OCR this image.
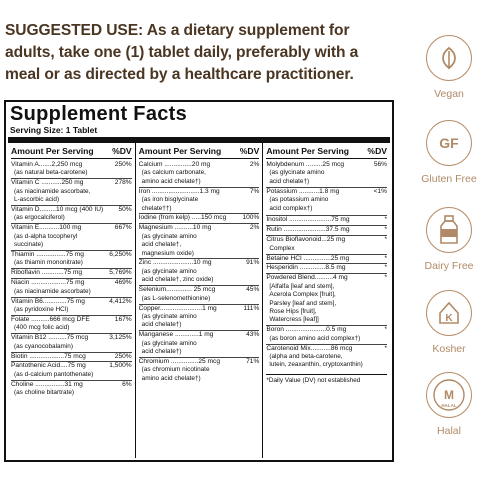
SUGGESTED USE: As a dietary supplement for adults, take one (1) tablet daily, preferably with a meal or as directed by a healthcare practitioner.
Supplement Facts
Serving Size: 1 Tablet
Amount Per Serving %DV
Vitamin A.......2,250 mcg	250%
(as natural beta-carotene)
Vitamin C ...........250 mg	278%
(as niacinamide ascorbate,
L-ascorbic acid)
Vitamin D.........10 mcg (400 IU)	50%
(as ergocalciferol)
Vitamin E...........100 mg	667%
(as d-alpha tocopheryl
succinate)
Thiamin ................75 mg	6,250%
(as thiamin mononitrate)
Riboflavin ............75 mg	5,769%
Niacin ...................75 mg	469%
(as niacinamide ascorbate)
Vitamin B6.............75 mg	4,412%
(as pyridoxine HCl)
Folate ..........666 mcg DFE	167%
(400 mcg folic acid)
Vitamin B12 ..........75 mcg	3,125%
(as cyanocobalamin)
Biotin ...................75 mcg	250%
Pantothenic Acid....75 mg	1,500%
(as d-calcium pantothenate)
Choline ................31 mg	6%
(as choline bitartrate)
Amount Per Serving %DV
Calcium ...............20 mg	2%
(as calcium carbonate,
amino acid chelate†)
Iron ..........................1.3 mg	7%
(as iron bisglycinate
chelate††)
Iodine (from kelp) .....150 mcg	100%
Magnesium ..........10 mg	2%
(as glycinate amino
acid chelate†,
magnesium oxide)
Zinc ......................10 mg	91%
(as glycinate amino
acid chelate†, zinc oxide)
Selenium.............. 25 mcg	45%
(as L-selenomethionine)
Copper.......................1 mg	111%
(as glycinate amino
acid chelate†)
Manganese .............1 mg	43%
(as glycinate amino
acid chelate†)
Chromium ...............25 mcg	71%
(as chromium nicotinate
amino acid chelate†)
Amount Per Serving %DV
Molybdenum .........25 mcg	56%
(as glycinate amino
acid chelate†)
Potassium ...........1.8 mg	<1%
(as potassium amino
acid complex†)
Inositol .......................75 mg	*
Rutin .......................37.5 mg	*
Citrus Bioflavonoid...25 mg	*
Complex
Betaine HCl ...............25 mg	*
Hesperidin ..............8.5 mg	*
Powdered Blend..........4 mg	*
[Alfalfa [leaf and stem],
Acerola Complex [fruit],
Parsley [leaf and stem],
Rose Hips [fruit],
Watercress [leaf]]
Boron ......................0.5 mg	*
(as boron amino acid complex†)
Carotenoid Mix...........86 mcg	*
(alpha and beta-carotene,
lutein, zeaxanthin, cryptoxanthin)
*Daily Value (DV) not established
Vegan
GF
Gluten Free
Dairy Free
K
Kosher
M
HALAL
Halal
